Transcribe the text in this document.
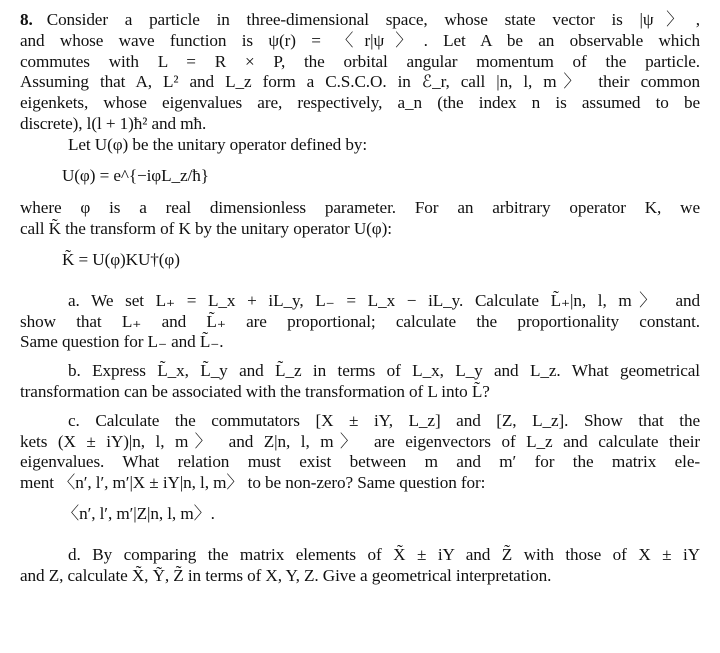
8. Consider a particle in three-dimensional space, whose state vector is |ψ〉,
and whose wave function is ψ(r) = 〈r|ψ〉. Let A be an observable which
commutes with L = R × P, the orbital angular momentum of the particle.
Assuming that A, L² and L_z form a C.S.C.O. in ℰ_r, call |n, l, m〉 their common
eigenkets, whose eigenvalues are, respectively, a_n (the index n is assumed to be
discrete), l(l + 1)ħ² and mħ.
Let U(φ) be the unitary operator defined by:
U(φ) = e^{−iφL_z/ħ}
where φ is a real dimensionless parameter. For an arbitrary operator K, we
call K̃ the transform of K by the unitary operator U(φ):
K̃ = U(φ)KU†(φ)
a. We set L₊ = L_x + iL_y, L₋ = L_x − iL_y. Calculate L̃₊|n, l, m〉 and
show that L₊ and L̃₊ are proportional; calculate the proportionality constant.
Same question for L₋ and L̃₋.
b. Express L̃_x, L̃_y and L̃_z in terms of L_x, L_y and L_z. What geometrical
transformation can be associated with the transformation of L into L̃?
c. Calculate the commutators [X ± iY, L_z] and [Z, L_z]. Show that the
kets (X ± iY)|n, l, m〉 and Z|n, l, m〉 are eigenvectors of L_z and calculate their
eigenvalues. What relation must exist between m and m′ for the matrix ele-
ment 〈n′, l′, m′|X ± iY|n, l, m〉 to be non-zero? Same question for:
〈n′, l′, m′|Z|n, l, m〉.
d. By comparing the matrix elements of X̃ ± iY and Z̃ with those of X ± iY
and Z, calculate X̃, Ỹ, Z̃ in terms of X, Y, Z. Give a geometrical interpretation.
